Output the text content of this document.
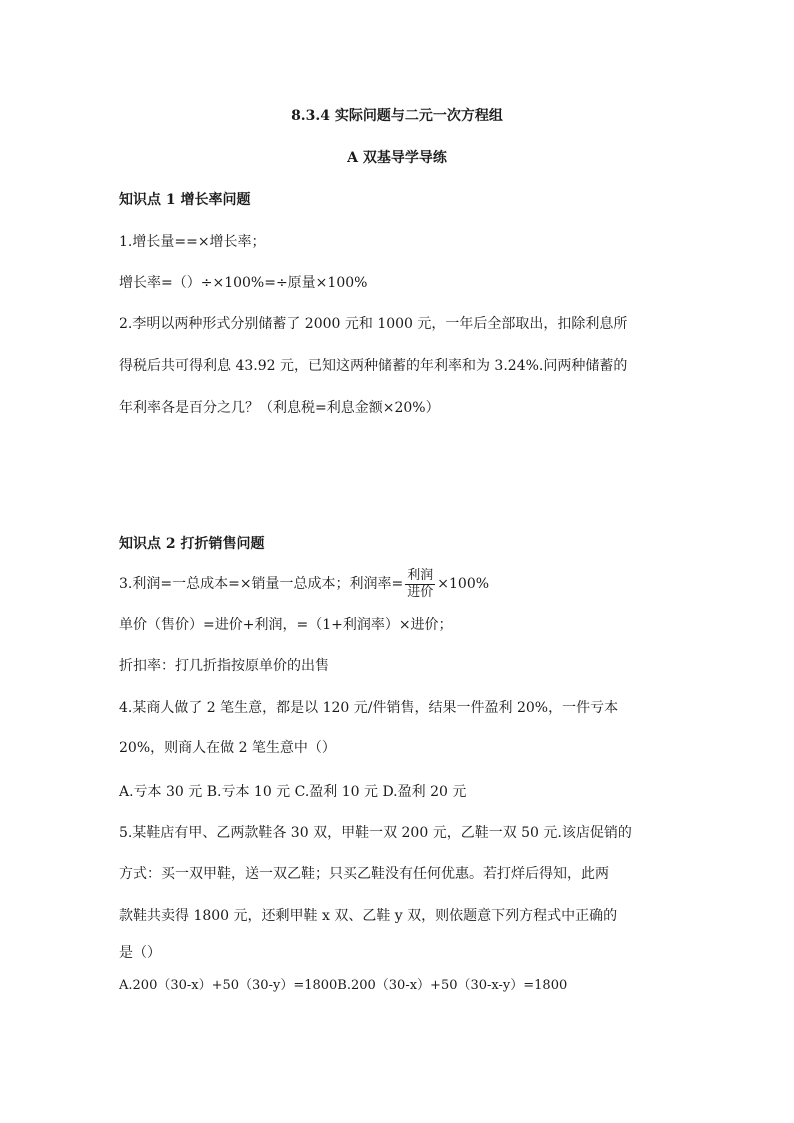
8.3.4 实际问题与二元一次方程组
A 双基导学导练
知识点 1 增长率问题
1.增长量==×增长率；
增长率=（）÷×100%=÷原量×100%
2.李明以两种形式分别储蓄了 2000 元和 1000 元，一年后全部取出，扣除利息所
得税后共可得利息 43.92 元，已知这两种储蓄的年利率和为 3.24%.问两种储蓄的
年利率各是百分之几？（利息税=利息金额×20%）
知识点 2 打折销售问题
3.利润=一总成本=×销量一总成本；利润率= $\frac{\text{利润}}{\text{进价}} \times 100\%$
单价（售价）=进价+利润，=（1+利润率）×进价；
折扣率：打几折指按原单价的出售
4.某商人做了 2 笔生意，都是以 120 元/件销售，结果一件盈利 20%，一件亏本
20%，则商人在做 2 笔生意中（）
A.亏本 30 元 B.亏本 10 元 C.盈利 10 元 D.盈利 20 元
5.某鞋店有甲、乙两款鞋各 30 双，甲鞋一双 200 元，乙鞋一双 50 元.该店促销的
方式：买一双甲鞋，送一双乙鞋；只买乙鞋没有任何优惠。若打烊后得知，此两
款鞋共卖得 1800 元，还剩甲鞋 x 双、乙鞋 y 双，则依题意下列方程式中正确的
是（）
A.200（30-x）+50（30-y）=1800B.200（30-x）+50（30-x-y）=1800
